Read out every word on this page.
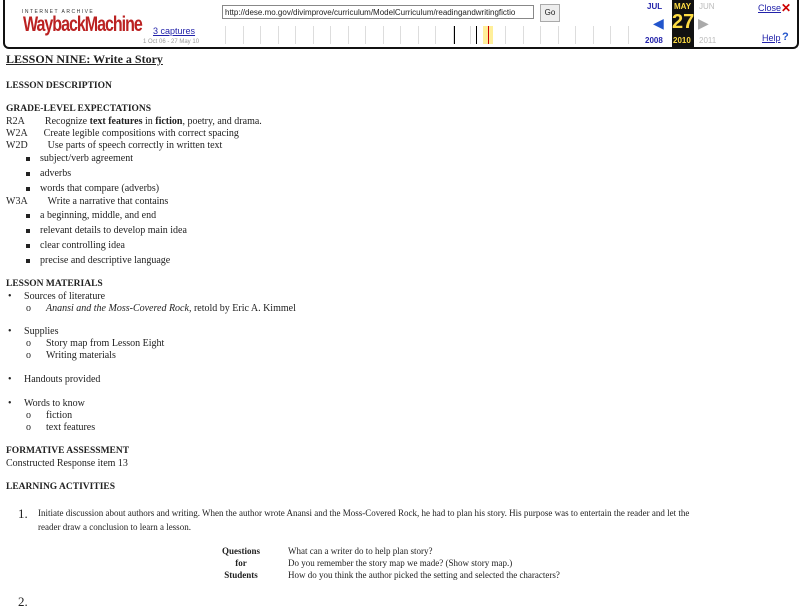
INTERNET ARCHIVE
WaybackMachine 3 captures
1 Oct 06 - 27 May 10
http://dese.mo.gov/divimprove/curriculum/ModelCurriculum/readingandwritingfictio	Go
JUL MAY
27
2010
JUN
◀ ▶
2008	2011
Close ✕
Help ?
LESSON NINE: Write a Story
LESSON DESCRIPTION
GRADE-LEVEL EXPECTATIONS
R2A Recognize text features in fiction, poetry, and drama.
W2A Create legible compositions with correct spacing
W2D Use parts of speech correctly in written text
subject/verb agreement
adverbs
words that compare (adverbs)
W3A Write a narrative that contains
a beginning, middle, and end
relevant details to develop main idea
clear controlling idea
precise and descriptive language
LESSON MATERIALS
•     Sources of literature
o      Anansi and the Moss-Covered Rock, retold by Eric A. Kimmel
•     Supplies
o      Story map from Lesson Eight
o      Writing materials
•     Handouts provided
•     Words to know
o      fiction
o      text features
FORMATIVE ASSESSMENT
Constructed Response item 13
LEARNING ACTIVITIES
1. Initiate discussion about authors and writing. When the author wrote Anansi and the Moss-Covered Rock, he had to plan his story. His purpose was to entertain the reader and let the
reader draw a conclusion to learn a lesson.
Questions
for
Students
What can a writer do to help plan story?
Do you remember the story map we made? (Show story map.)
How do you think the author picked the setting and selected the characters?
2.
